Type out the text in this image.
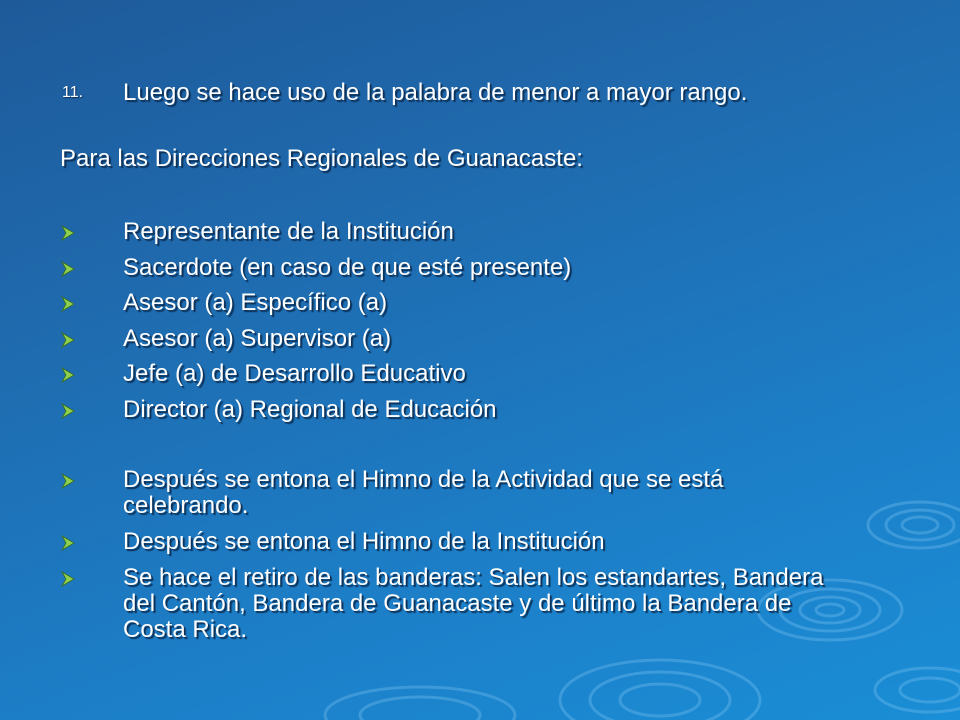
11. Luego se hace uso de la palabra de menor a mayor rango.
Para las Direcciones Regionales de Guanacaste:
Representante de la Institución
Sacerdote (en caso de que esté presente)
Asesor (a) Específico (a)
Asesor (a) Supervisor (a)
Jefe (a) de Desarrollo Educativo
Director (a) Regional de Educación
Después se entona el Himno de la Actividad que se está celebrando.
Después se entona el Himno de la Institución
Se hace el retiro de las banderas: Salen los estandartes, Bandera del Cantón, Bandera de Guanacaste y de último la Bandera de Costa Rica.
